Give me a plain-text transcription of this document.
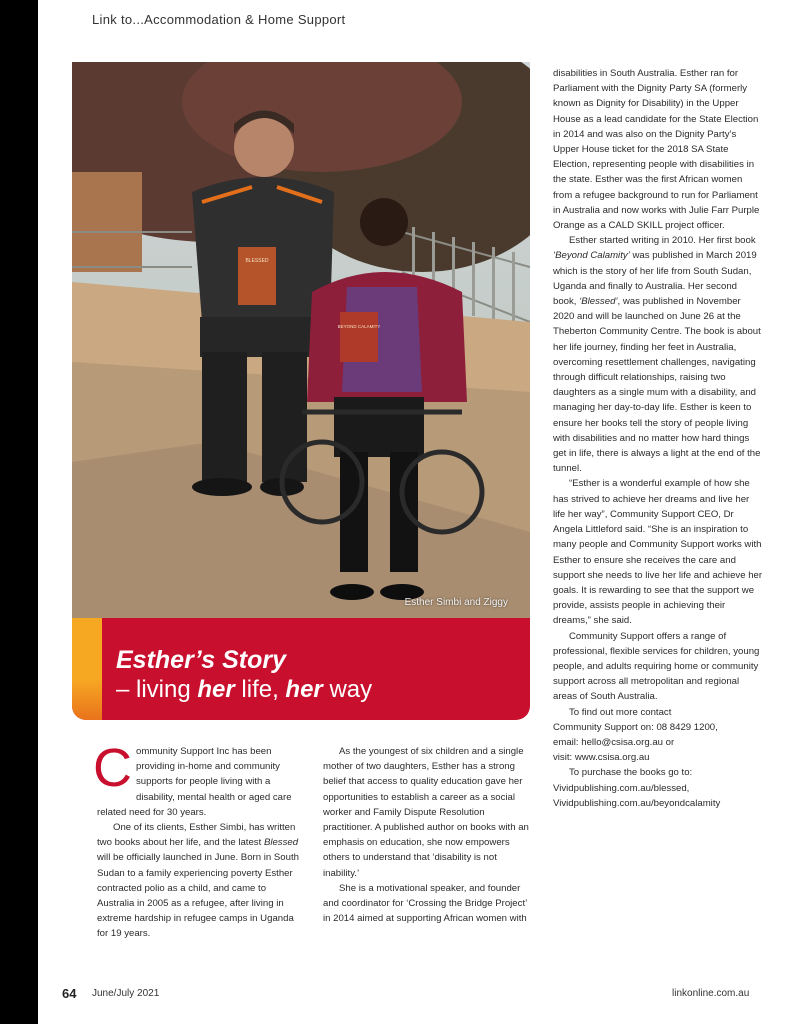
Link to...Accommodation & Home Support
BLESSED
BEYOND CALAMITY
Esther Simbi and Ziggy
Esther’s Story
– living her life, her way

Community Support Inc has been providing in-home and community supports for people living with a disability, mental health or aged care related need for 30 years.

One of its clients, Esther Simbi, has written two books about her life, and the latest Blessed will be officially launched in June. Born in South Sudan to a family experiencing poverty Esther contracted polio as a child, and came to Australia in 2005 as a refugee, after living in extreme hardship in refugee camps in Uganda for 19 years.

As the youngest of six children and a single mother of two daughters, Esther has a strong belief that access to quality education gave her opportunities to establish a career as a social worker and Family Dispute Resolution practitioner. A published author on books with an emphasis on education, she now empowers others to understand that ‘disability is not inability.’

She is a motivational speaker, and founder and coordinator for ‘Crossing the Bridge Project’ in 2014 aimed at supporting African women with

disabilities in South Australia. Esther ran for Parliament with the Dignity Party SA (formerly known as Dignity for Disability) in the Upper House as a lead candidate for the State Election in 2014 and was also on the Dignity Party’s Upper House ticket for the 2018 SA State Election, representing people with disabilities in the state. Esther was the first African women from a refugee background to run for Parliament in Australia and now works with Julie Farr Purple Orange as a CALD SKILL project officer.

Esther started writing in 2010. Her first book ‘Beyond Calamity’ was published in March 2019 which is the story of her life from South Sudan, Uganda and finally to Australia. Her second book, ‘Blessed’, was published in November 2020 and will be launched on June 26 at the Theberton Community Centre. The book is about her life journey, finding her feet in Australia, overcoming resettlement challenges, navigating through difficult relationships, raising two daughters as a single mum with a disability, and managing her day-to-day life. Esther is keen to ensure her books tell the story of people living with disabilities and no matter how hard things get in life, there is always a light at the end of the tunnel.

“Esther is a wonderful example of how she has strived to achieve her dreams and live her life her way”, Community Support CEO, Dr Angela Littleford said. “She is an inspiration to many people and Community Support works with Esther to ensure she receives the care and support she needs to live her life and achieve her goals. It is rewarding to see that the support we provide, assists people in achieving their dreams,” she said.

Community Support offers a range of professional, flexible services for children, young people, and adults requiring home or community support across all metropolitan and regional areas of South Australia.

To find out more contact

Community Support on: 08 8429 1200,

email: hello@csisa.org.au or

visit: www.csisa.org.au

To purchase the books go to:

Vividpublishing.com.au/blessed,

Vividpublishing.com.au/beyondcalamity

64 June/July 2021	linkonline.com.au
